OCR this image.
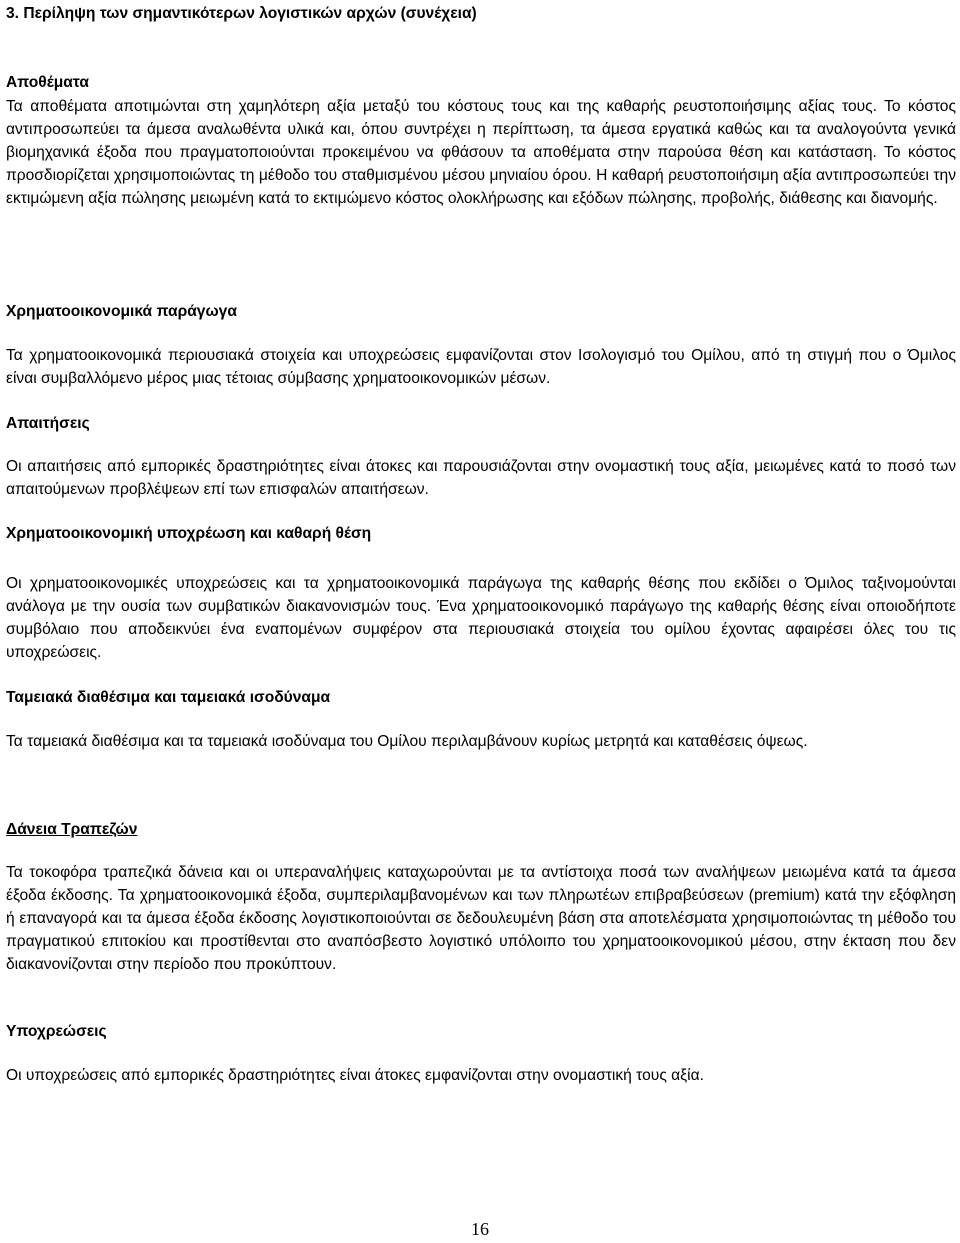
3. Περίληψη των σημαντικότερων λογιστικών αρχών (συνέχεια)
Αποθέματα
Τα αποθέματα αποτιμώνται στη χαμηλότερη αξία μεταξύ του κόστους τους και της καθαρής ρευστοποιήσιμης αξίας τους. Το κόστος αντιπροσωπεύει τα άμεσα αναλωθέντα υλικά και, όπου συντρέχει η περίπτωση, τα άμεσα εργατικά καθώς και τα αναλογούντα γενικά βιομηχανικά έξοδα που πραγματοποιούνται προκειμένου να φθάσουν τα αποθέματα στην παρούσα θέση και κατάσταση. Το κόστος προσδιορίζεται χρησιμοποιώντας τη μέθοδο του σταθμισμένου μέσου μηνιαίου όρου. Η καθαρή ρευστοποιήσιμη αξία αντιπροσωπεύει την εκτιμώμενη αξία πώλησης μειωμένη κατά το εκτιμώμενο κόστος ολοκλήρωσης και εξόδων πώλησης, προβολής, διάθεσης και διανομής.
Χρηματοοικονομικά παράγωγα
Τα χρηματοοικονομικά περιουσιακά στοιχεία και υποχρεώσεις εμφανίζονται στον Ισολογισμό του Ομίλου, από τη στιγμή που ο Όμιλος είναι συμβαλλόμενο μέρος μιας τέτοιας σύμβασης χρηματοοικονομικών μέσων.
Απαιτήσεις
Οι απαιτήσεις από εμπορικές δραστηριότητες είναι άτοκες και παρουσιάζονται στην ονομαστική τους αξία, μειωμένες κατά το ποσό των απαιτούμενων προβλέψεων επί των επισφαλών απαιτήσεων.
Χρηματοοικονομική υποχρέωση και καθαρή θέση
Οι χρηματοοικονομικές υποχρεώσεις και τα χρηματοοικονομικά παράγωγα της καθαρής θέσης που εκδίδει ο Όμιλος ταξινομούνται ανάλογα με την ουσία των συμβατικών διακανονισμών τους. Ένα χρηματοοικονομικό παράγωγο της καθαρής θέσης είναι οποιοδήποτε συμβόλαιο που αποδεικνύει ένα εναπομένων συμφέρον στα περιουσιακά στοιχεία του ομίλου έχοντας αφαιρέσει όλες του τις υποχρεώσεις.
Ταμειακά διαθέσιμα και ταμειακά ισοδύναμα
Τα ταμειακά διαθέσιμα και τα ταμειακά ισοδύναμα του Ομίλου περιλαμβάνουν κυρίως μετρητά και καταθέσεις όψεως.
Δάνεια Τραπεζών
Τα τοκοφόρα τραπεζικά δάνεια και οι υπεραναλήψεις καταχωρούνται με τα αντίστοιχα ποσά των αναλήψεων μειωμένα κατά τα άμεσα έξοδα έκδοσης. Τα χρηματοοικονομικά έξοδα, συμπεριλαμβανομένων και των πληρωτέων επιβραβεύσεων (premium) κατά την εξόφληση ή επαναγορά και τα άμεσα έξοδα έκδοσης λογιστικοποιούνται σε δεδουλευμένη βάση στα αποτελέσματα χρησιμοποιώντας τη μέθοδο του πραγματικού επιτοκίου και προστίθενται στο αναπόσβεστο λογιστικό υπόλοιπο του χρηματοοικονομικού μέσου, στην έκταση που δεν διακανονίζονται στην περίοδο που προκύπτουν.
Υποχρεώσεις
Οι υποχρεώσεις από εμπορικές δραστηριότητες είναι άτοκες εμφανίζονται στην ονομαστική τους αξία.
16
